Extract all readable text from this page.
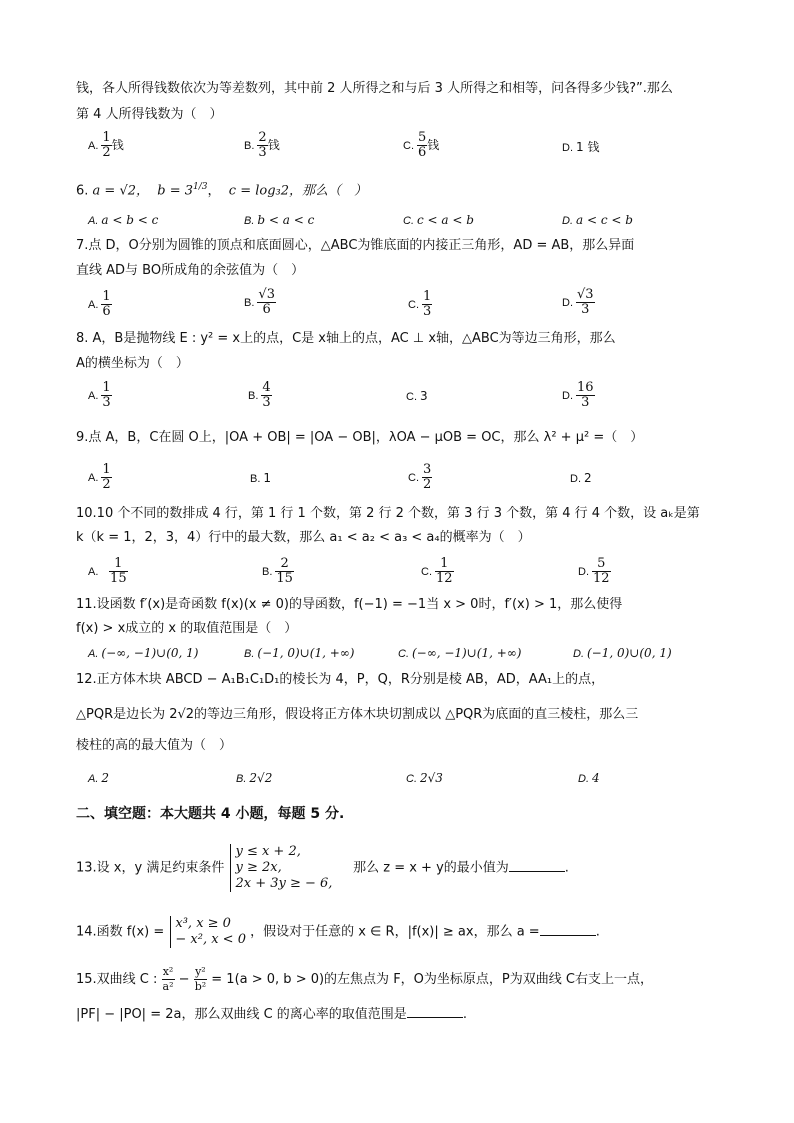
钱，各人所得钱数依次为等差数列，其中前 2 人所得之和与后 3 人所得之和相等，问各得多少钱?”.那么
第 4 人所得钱数为（　）
A. $\frac{1}{2}$ 钱	B. $\frac{2}{3}$ 钱	C. $\frac{5}{6}$ 钱	D. 1 钱
6. a = √2， $b = 3^{1/3}$，  c = log₃2，那么（　）
A. a < b < c	B. b < a < c	C. c < a < b	D. a < c < b
7.点 D，O分别为圆锥的顶点和底面圆心，△ABC为锥底面的内接正三角形，AD = AB，那么异面
直线 AD与 BO所成角的余弦值为（　）
A. $\frac{1}{6}$	B. $\frac{√3}{6}$	C. $\frac{1}{3}$	D. $\frac{√3}{3}$
8. A，B是抛物线 E : y² = x上的点，C是 x轴上的点，AC ⊥ x轴，△ABC为等边三角形，那么
A的横坐标为（　）
A. $\frac{1}{3}$	B. $\frac{4}{3}$	C. 3	D. $\frac{16}{3}$
9.点 A，B，C在圆 O上，|OA + OB| = |OA − OB|，λOA − μOB = OC，那么 λ² + μ² =（　）
A. $\frac{1}{2}$	B. 1	C. $\frac{3}{2}$	D. 2
10.10 个不同的数排成 4 行，第 1 行 1 个数，第 2 行 2 个数，第 3 行 3 个数，第 4 行 4 个数，设 aₖ是第
k（k = 1，2，3，4）行中的最大数，那么 a₁ < a₂ < a₃ < a₄的概率为（　）
A. $\frac{1}{15}$	B. $\frac{2}{15}$	C. $\frac{1}{12}$	D. $\frac{5}{12}$
11.设函数 f′(x)是奇函数 f(x)(x ≠ 0)的导函数，f(−1) = −1当 x > 0时，f′(x) > 1，那么使得
f(x) > x成立的 x 的取值范围是（　）
A. (−∞, −1)∪(0, 1)	B. (−1, 0)∪(1, +∞)	C. (−∞, −1)∪(1, +∞)	D. (−1, 0)∪(0, 1)
12.正方体木块 ABCD − A₁B₁C₁D₁的棱长为 4，P，Q，R分别是棱 AB，AD，AA₁上的点，
△PQR是边长为 2√2的等边三角形，假设将正方体木块切割成以 △PQR为底面的直三棱柱，那么三
棱柱的高的最大值为（　）
A. 2	B. 2√2	C. 2√3	D. 4
二、填空题：本大题共 4 小题，每题 5 分.
13.设 x，y 满足约束条件
y ≤ x + 2,
y ≥ 2x,
2x + 3y ≥ − 6,
那么 z = x + y的最小值为	.
14.函数 f(x) =
x³, x ≥ 0
− x², x < 0 ，假设对于任意的 x ∈ R，|f(x)| ≥ ax，那么 a =	.
15.双曲线 C : $\frac{\text{x²}}{\text{a²}} - \frac{\text{y²}}{\text{b²}} = 1(a > 0$, b > 0)的左焦点为 F，O为坐标原点，P为双曲线 C右支上一点，
|PF| − |PO| = 2a，那么双曲线 C 的离心率的取值范围是	.
